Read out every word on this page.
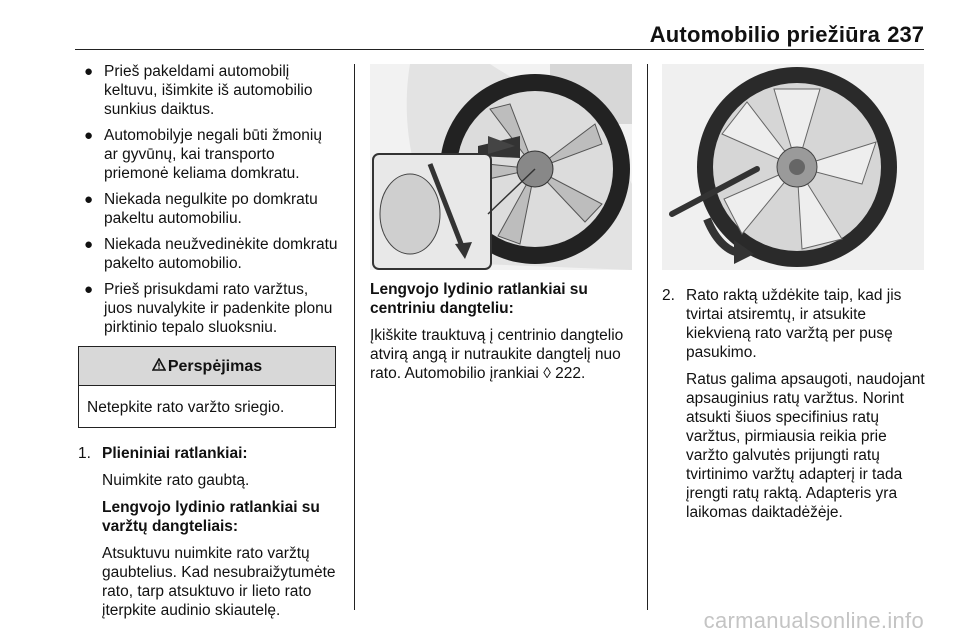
Automobilio priežiūra 237
● Prieš pakeldami automobilį keltuvu, išimkite iš automobilio sunkius daiktus.
● Automobilyje negali būti žmonių ar gyvūnų, kai transporto priemonė keliama domkratu.
● Niekada negulkite po domkratu pakeltu automobiliu.
● Niekada neužvedinėkite domkratu pakelto automobilio.
● Prieš prisukdami rato varžtus, juos nuvalykite ir padenkite plonu pirktinio tepalo sluoksniu.
Perspėjimas
Netepkite rato varžto sriegio.
1. Plieniniai ratlankiai:

Nuimkite rato gaubtą.

Lengvojo lydinio ratlankiai su varžtų dangteliais:

Atsuktuvu nuimkite rato varžtų gaubtelius. Kad nesubraižytumėte rato, tarp atsuktuvo ir lieto rato įterpkite audinio skiautelę.

Lengvojo lydinio ratlankiai su centriniu dangteliu:

Įkiškite trauktuvą į centrinio dangtelio atvirą angą ir nutraukite dangtelį nuo rato. Automobilio įrankiai ◊ 222.

2. Rato raktą uždėkite taip, kad jis tvirtai atsiremtų, ir atsukite kiekvieną rato varžtą per pusę pasukimo.

Ratus galima apsaugoti, naudojant apsauginius ratų varžtus. Norint atsukti šiuos specifinius ratų varžtus, pirmiausia reikia prie varžto galvutės prijungti ratų tvirtinimo varžtų adapterį ir tada įrengti ratų raktą. Adapteris yra laikomas daiktadėžėje.

carmanualsonline.info
